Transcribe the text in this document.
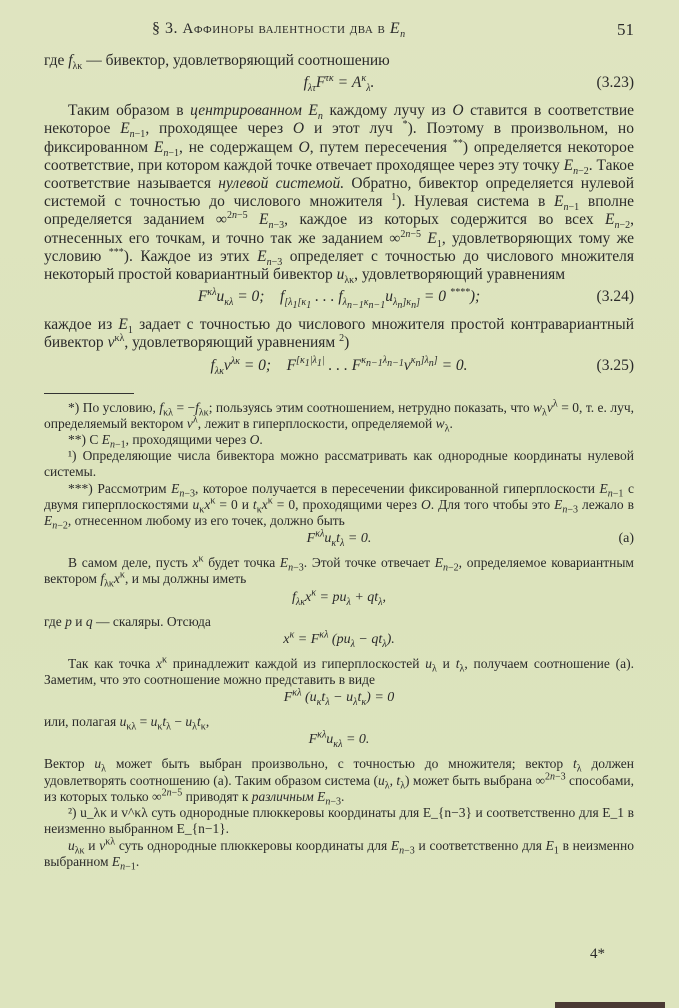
§ 3. Аффиноры валентности два в $E_n$	51

где $f_{\lambda\kappa}$ — бивектор, удовлетворяющий соотношению

$f_{\lambda\tau}F^{\tau\kappa} = A^\kappa_\lambda$.	(3.23)

Таким образом в центрированном $E_n$ каждому лучу из O ставится в соответствие некоторое $E_{n-1}$, проходящее через O и этот луч *). Поэтому в произвольном, но фиксированном $E_{n-1}$, не содержащем O, путем пересечения **) определяется некоторое соответствие, при котором каждой точке отвечает проходящее через эту точку $E_{n-2}$. Такое соответствие называется нулевой системой. Обратно, бивектор определяется нулевой системой с точностью до числового множителя $^1$). Нулевая система в $E_{n-1}$ вполне определяется заданием ∞$^{2n-5}$ $E_{n-3}$, каждое из которых содержится во всех $E_{n-2}$, отнесенных его точкам, и точно так же заданием ∞$^{2n-5}$ $E_1$, удовлетворяющих тому же условию ***). Каждое из этих $E_{n-3}$ определяет с точностью до числового множителя некоторый простой ковариантный бивектор $u_{\lambda\kappa}$, удовлетворяющий уравнениям

$F^{\kappa\lambda}u_{\kappa\lambda} = 0$;    $f_{[\lambda_1[\kappa_1}$ . . . $f_{\lambda_{n-1}\kappa_{n-1}}u_{\lambda_n]\kappa_n]} = 0$ ****);	(3.24)

каждое из $E_1$ задает с точностью до числового множителя простой контравариантный бивектор $v^{\kappa\lambda}$, удовлетворяющий уравнениям $^2$)

$f_{\lambda\kappa}v^{\lambda\kappa} = 0$;    $F^{[\kappa_1|\lambda_1|}$ . . . $F^{\kappa_{n-1}\lambda_{n-1}}v^{\kappa_n]\lambda_n]} = 0$.	(3.25)

*) По условию, $f_{\kappa\lambda} = -f_{\lambda\kappa}$; пользуясь этим соотношением, нетрудно показать, что $w_\lambda v^\lambda = 0$, т. е. луч, определяемый вектором $v^\lambda$, лежит в гиперплоскости, определяемой $w_\lambda$.

**) С $E_{n-1}$, проходящими через O.

¹) Определяющие числа бивектора можно рассматривать как однородные координаты нулевой системы.

***) Рассмотрим $E_{n-3}$, которое получается в пересечении фиксированной гиперплоскости $E_{n-1}$ с двумя гиперплоскостями $u_\kappa x^\kappa = 0$ и $t_\kappa x^\kappa = 0$, проходящими через O. Для того чтобы это $E_{n-3}$ лежало в $E_{n-2}$, отнесенном любому из его точек, должно быть

$F^{\kappa\lambda}u_\kappa t_\lambda = 0$.	(a)

В самом деле, пусть $x^\kappa$ будет точка $E_{n-3}$. Этой точке отвечает $E_{n-2}$, определяемое ковариантным вектором $f_{\lambda\kappa}x^\kappa$, и мы должны иметь

$f_{\lambda\kappa}x^\kappa = pu_\lambda + qt_\lambda$,

где p и q — скаляры. Отсюда

$x^\kappa = F^{\kappa\lambda}$ $(pu_\lambda - qt_\lambda)$.

Так как точка $x^\kappa$ принадлежит каждой из гиперплоскостей $u_\lambda$ и $t_\lambda$, получаем соотношение (a). Заметим, что это соотношение можно представить в виде

$F^{\kappa\lambda}$ $(u_\kappa t_\lambda - u_\lambda t_\kappa) = 0$

или, полагая $u_{\kappa\lambda} = u_\kappa t_\lambda - u_\lambda t_\kappa$,

$F^{\kappa\lambda}u_{\kappa\lambda} = 0$.

Вектор $u_\lambda$ может быть выбран произвольно, с точностью до множителя; вектор $t_\lambda$ должен удовлетворять соотношению (a). Таким образом система ($u_\lambda$, $t_\lambda$) может быть выбрана ∞$^{2n-3}$ способами, из которых только ∞$^{2n-5}$ приводят к различным $E_{n-3}$.

²) u_λκ и v^κλ суть однородные плюккеровы координаты для E_{n−3} и соответственно для E_1 в неизменно выбранном E_{n−1}.

$u_{\lambda\kappa}$ и $v^{\kappa\lambda}$ суть однородные плюккеровы координаты для $E_{n-3}$ и соответственно для $E_1$ в неизменно выбранном $E_{n-1}$.

4*
